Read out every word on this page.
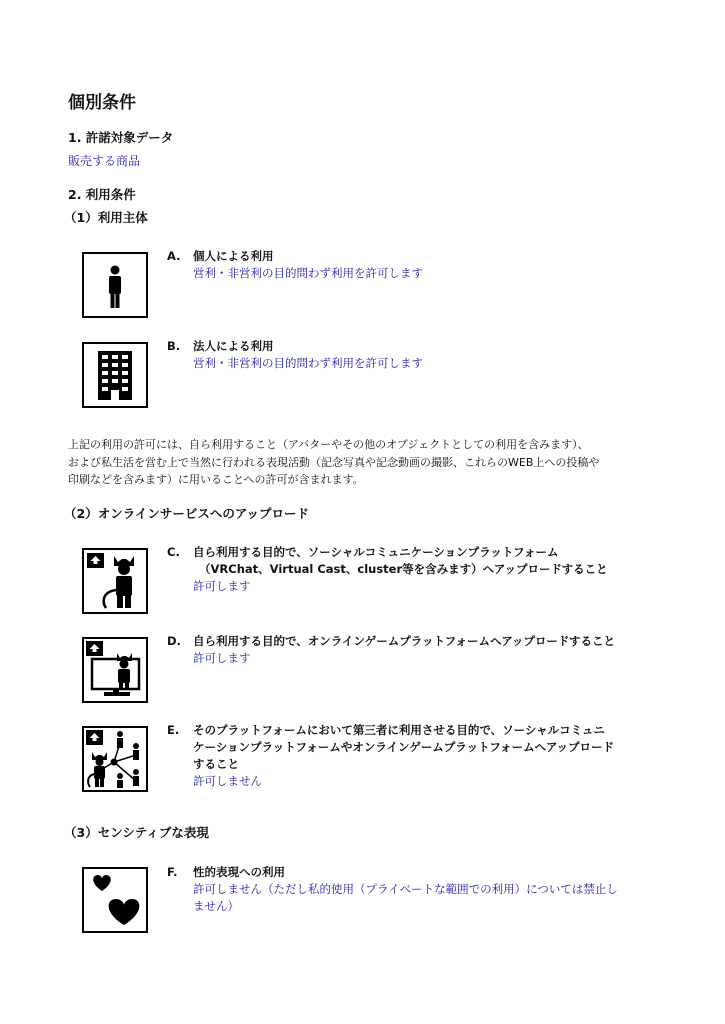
個別条件
1. 許諾対象データ
販売する商品
2. 利用条件
（1）利用主体
A. 個人による利用
営利・非営利の目的問わず利用を許可します
B. 法人による利用
営利・非営利の目的問わず利用を許可します
上記の利用の許可には、自ら利用すること（アバターやその他のオブジェクトとしての利用を含みます）、
および私生活を営む上で当然に行われる表現活動（記念写真や記念動画の撮影、これらのWEB上への投稿や
印刷などを含みます）に用いることへの許可が含まれます。
（2）オンラインサービスへのアップロード
C. 自ら利用する目的で、ソーシャルコミュニケーションプラットフォーム
（VRChat、Virtual Cast、cluster等を含みます）へアップロードすること
許可します
D. 自ら利用する目的で、オンラインゲームプラットフォームへアップロードすること
許可します
E. そのプラットフォームにおいて第三者に利用させる目的で、ソーシャルコミュニ
ケーションプラットフォームやオンラインゲームプラットフォームへアップロード
すること
許可しません
（3）センシティブな表現
F. 性的表現への利用
許可しません（ただし私的使用（プライベートな範囲での利用）については禁止し
ません）
